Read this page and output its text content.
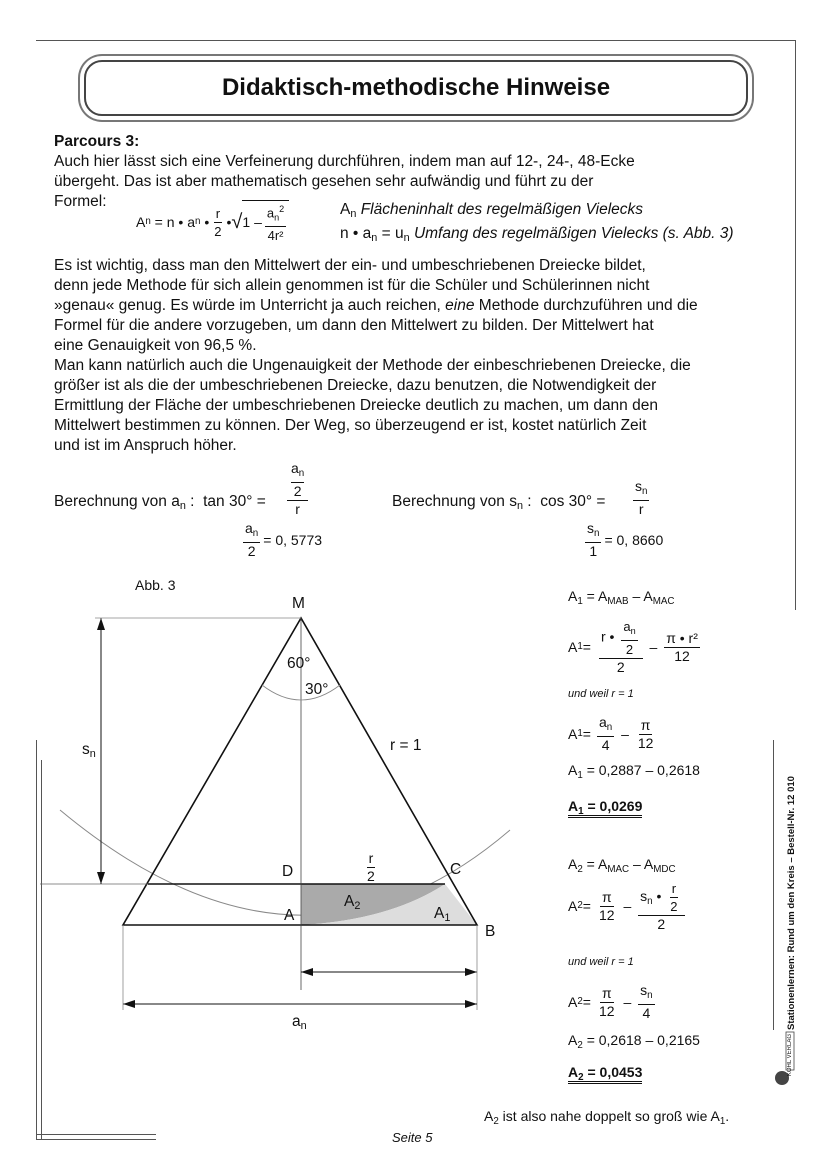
Didaktisch-methodische Hinweise
Parcours 3:
Auch hier lässt sich eine Verfeinerung durchführen, indem man auf 12-, 24-, 48-Ecke
übergeht. Das ist aber mathematisch gesehen sehr aufwändig und führt zu der
Formel:
A n = n • a n • $\frac{r}{2}$ • √ $1 - \frac{a_n^2}{\text{4r²}}$	$A_n$ Flächeninhalt des regelmäßigen Vielecks
n • $a_n = u_n$ Umfang des regelmäßigen Vielecks (s. Abb. 3)
Es ist wichtig, dass man den Mittelwert der ein- und umbeschriebenen Dreiecke bildet,
denn jede Methode für sich allein genommen ist für die Schüler und Schülerinnen nicht
»genau« genug. Es würde im Unterricht ja auch reichen, eine Methode durchzuführen und die
Formel für die andere vorzugeben, um dann den Mittelwert zu bilden. Der Mittelwert hat
eine Genauigkeit von 96,5 %.
Man kann natürlich auch die Ungenauigkeit der Methode der einbeschriebenen Dreiecke, die
größer ist als die der umbeschriebenen Dreiecke, dazu benutzen, die Notwendigkeit der
Ermittlung der Fläche der umbeschriebenen Dreiecke deutlich zu machen, um dann den
Mittelwert bestimmen zu können. Der Weg, so überzeugend er ist, kostet natürlich Zeit
und ist im Anspruch höher.
Berechnung von $a_n$ :  tan 30° =
$a_n$
2
r
$\frac{a_n}{2} = 0$, 5773
Berechnung von $s_n$ :  $\cos 30^\circ = \frac{s_n}{r}$
$\frac{s_n}{1} = 0$, 8660
Abb. 3
M
60°
30°
r = 1
$s_n$
D	C
A
B
$A_2$	$A_1$
$\frac{r}{2}$
$a_n$
$A_1 = A_{MAB} - A_{MAC}$
A $1 = \frac{r • \frac{a_n}{2}}{2} - \frac{\text{π • r²}}{12}$
und weil r = 1
A $1 = \frac{a_n}{4} - \frac{\pi}{12}$
$A_1 = 0,2887 - 0,2618$
$A_1 = 0,0269$
$A_2 = A_{MAC} - A_{MDC}$
A $2 = \frac{\pi}{12} - \frac{s_n • \frac{r}{2}}{2}$
und weil r = 1
A $2 = \frac{\pi}{12} - \frac{s_n}{4}$
$A_2 = 0,2618 - 0,2165$
$A_2 = 0,0453$
$A_2$ ist also nahe doppelt so groß wie $A_1$.
Seite 5
Stationenlernen: Rund um den Kreis – Bestell-Nr. 12 010
KOHL VERLAG
